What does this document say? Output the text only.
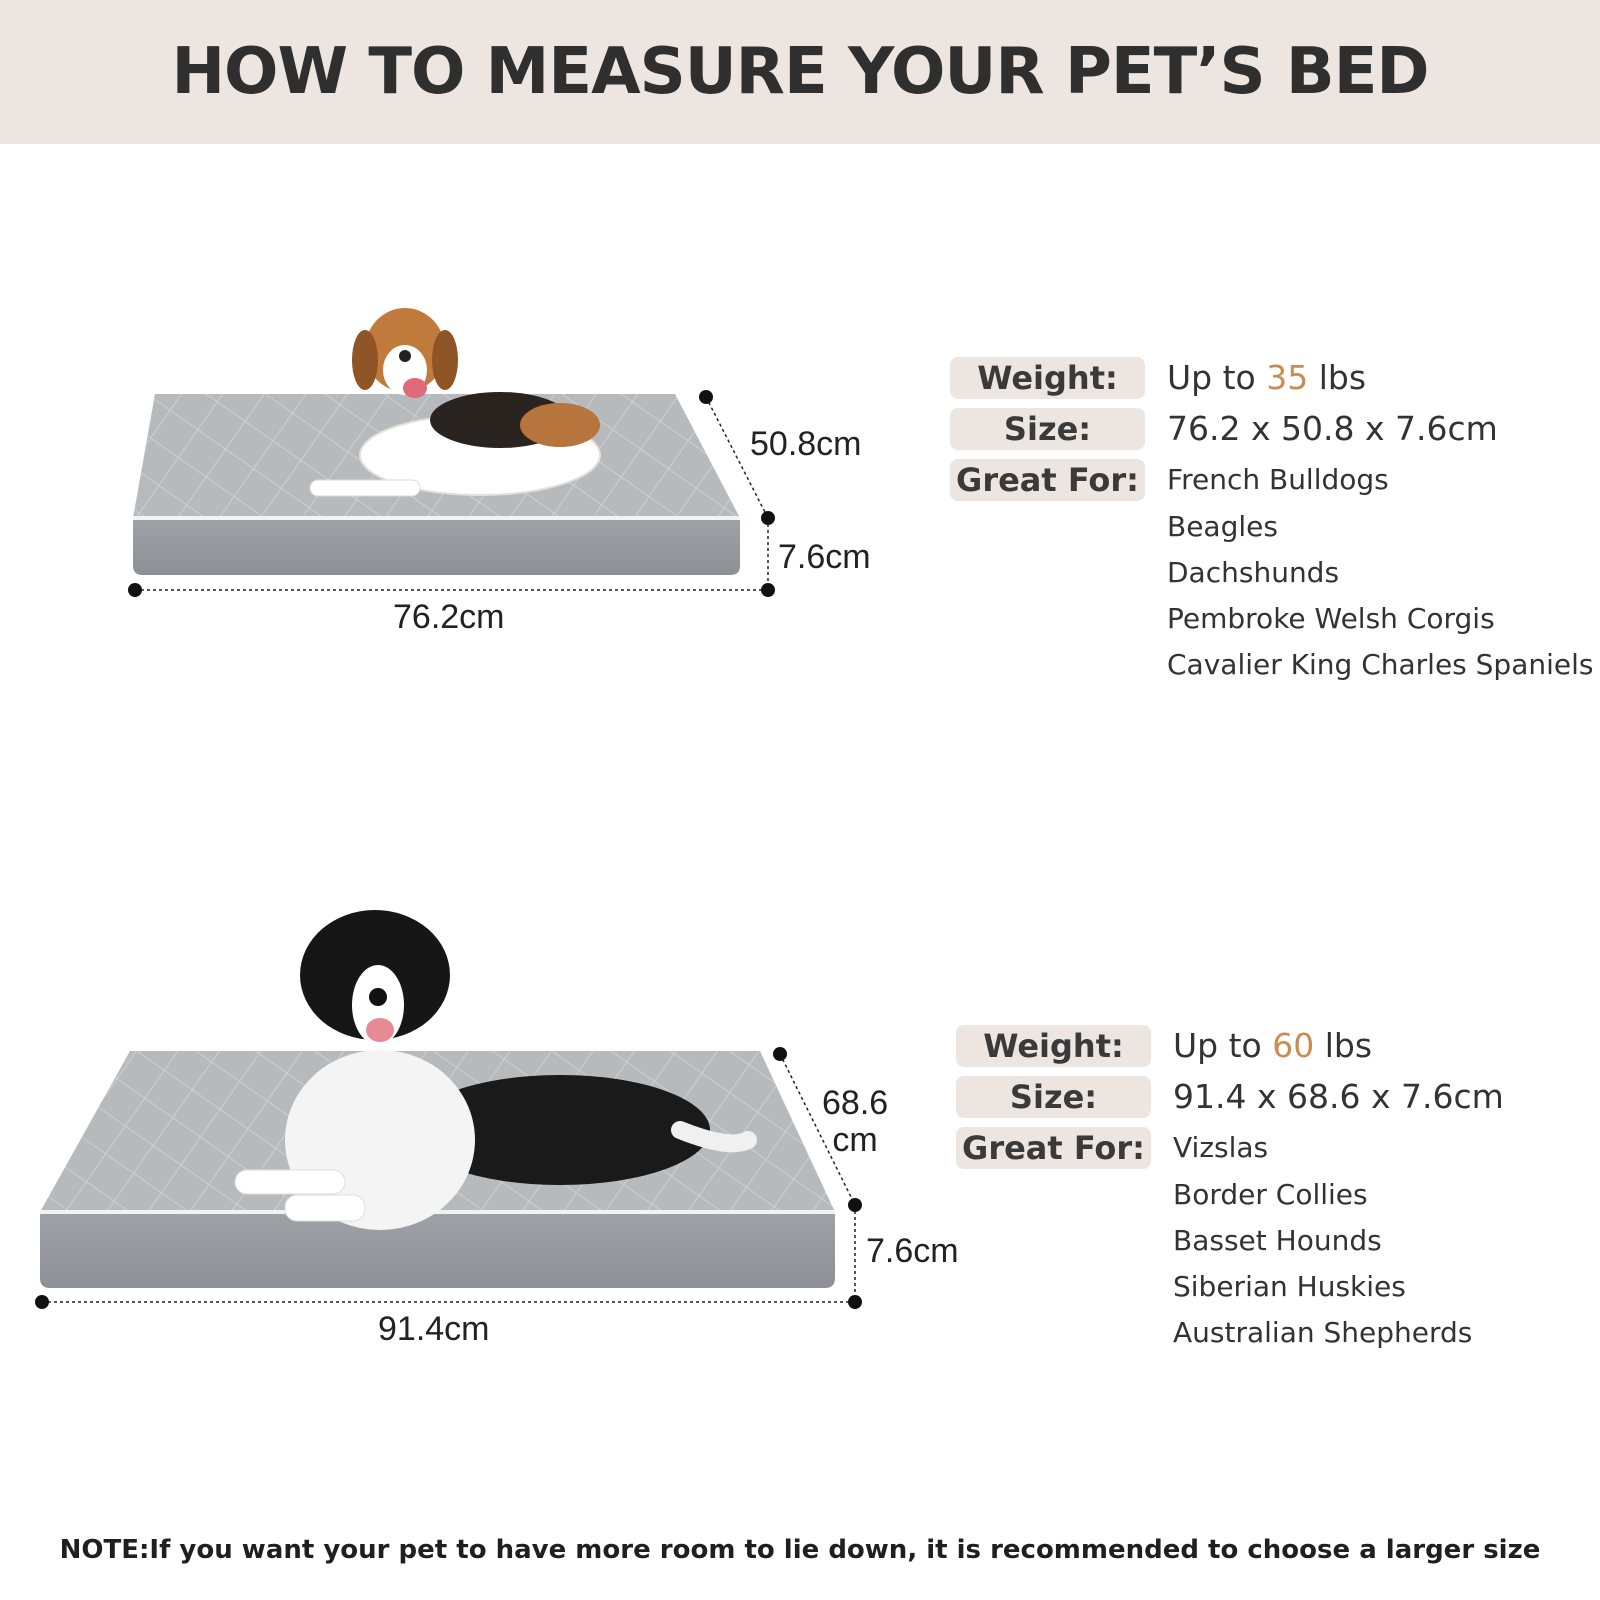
HOW TO MEASURE YOUR PET’S BED
50.8cm
7.6cm
76.2cm
68.6
cm
7.6cm
91.4cm
Weight:	Up to 35 lbs
Size:	76.2 x 50.8 x 7.6cm
Great For: French Bulldogs
Beagles
Dachshunds
Pembroke Welsh Corgis
Cavalier King Charles Spaniels
Weight:	Up to 60 lbs
Size:	91.4 x 68.6 x 7.6cm
Great For: Vizslas
Border Collies
Basset Hounds
Siberian Huskies
Australian Shepherds
NOTE:If you want your pet to have more room to lie down, it is recommended to choose a larger size
